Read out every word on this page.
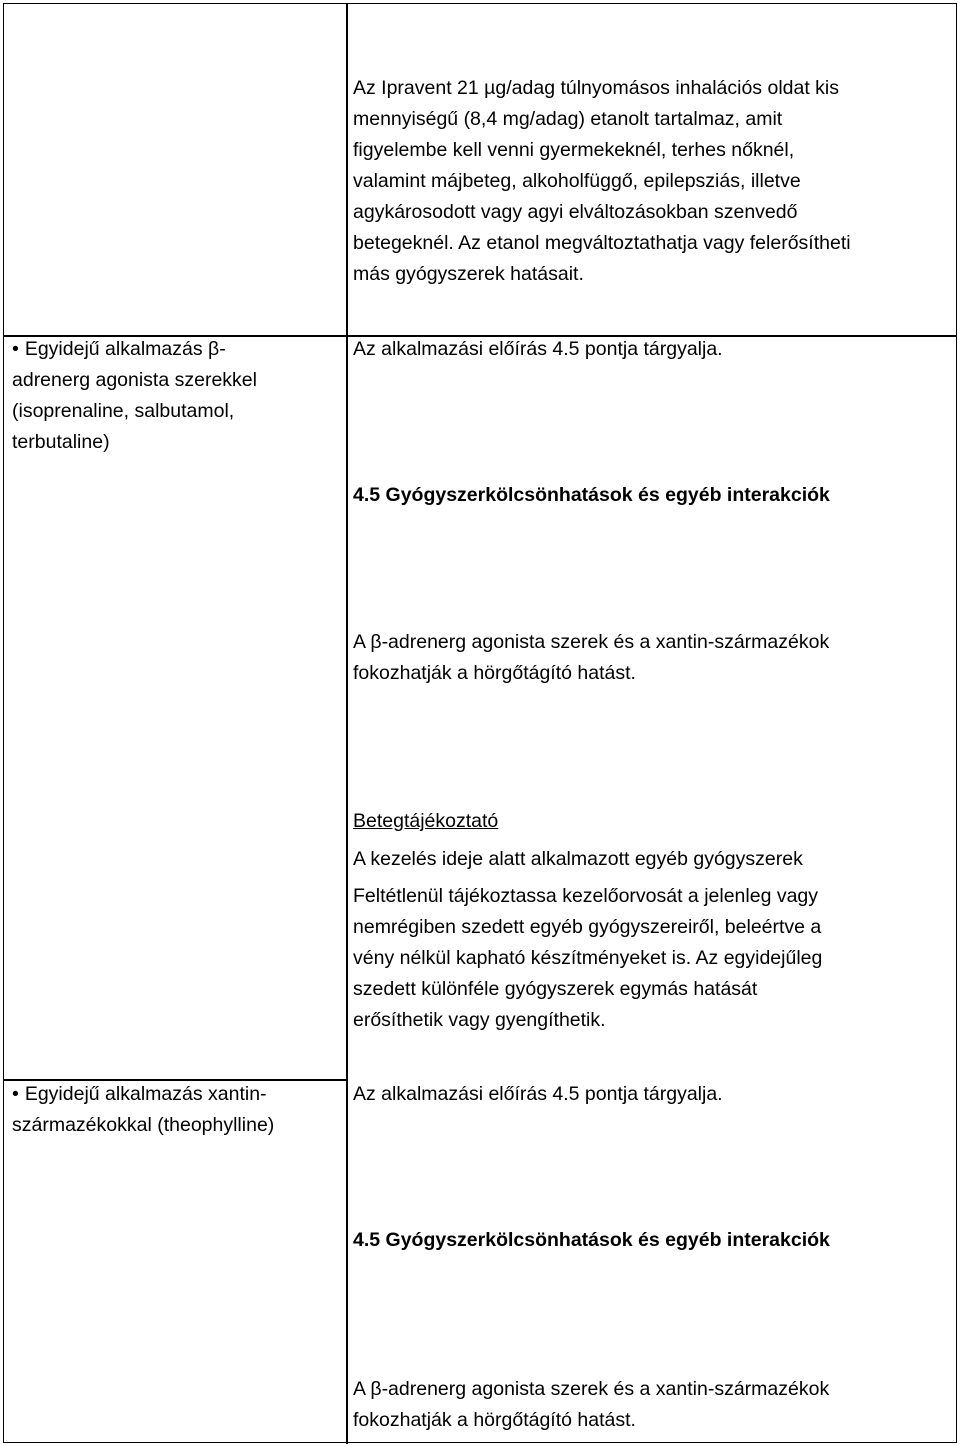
Az Ipravent 21 µg/adag túlnyomásos inhalációs oldat kis
mennyiségű (8,4 mg/adag) etanolt tartalmaz, amit
figyelembe kell venni gyermekeknél, terhes nőknél,
valamint májbeteg, alkoholfüggő, epilepsziás, illetve
agykárosodott vagy agyi elváltozásokban szenvedő
betegeknél. Az etanol megváltoztathatja vagy felerősítheti
más gyógyszerek hatásait.
• Egyidejű alkalmazás β-
adrenerg agonista szerekkel
(isoprenaline, salbutamol,
terbutaline)
Az alkalmazási előírás 4.5 pontja tárgyalja.
4.5 Gyógyszerkölcsönhatások és egyéb interakciók
A β-adrenerg agonista szerek és a xantin-származékok
fokozhatják a hörgőtágító hatást.
Betegtájékoztató
A kezelés ideje alatt alkalmazott egyéb gyógyszerek
Feltétlenül tájékoztassa kezelőorvosát a jelenleg vagy
nemrégiben szedett egyéb gyógyszereiről, beleértve a
vény nélkül kapható készítményeket is. Az egyidejűleg
szedett különféle gyógyszerek egymás hatását
erősíthetik vagy gyengíthetik.
• Egyidejű alkalmazás xantin-
származékokkal (theophylline)
Az alkalmazási előírás 4.5 pontja tárgyalja.
4.5 Gyógyszerkölcsönhatások és egyéb interakciók
A β-adrenerg agonista szerek és a xantin-származékok
fokozhatják a hörgőtágító hatást.
